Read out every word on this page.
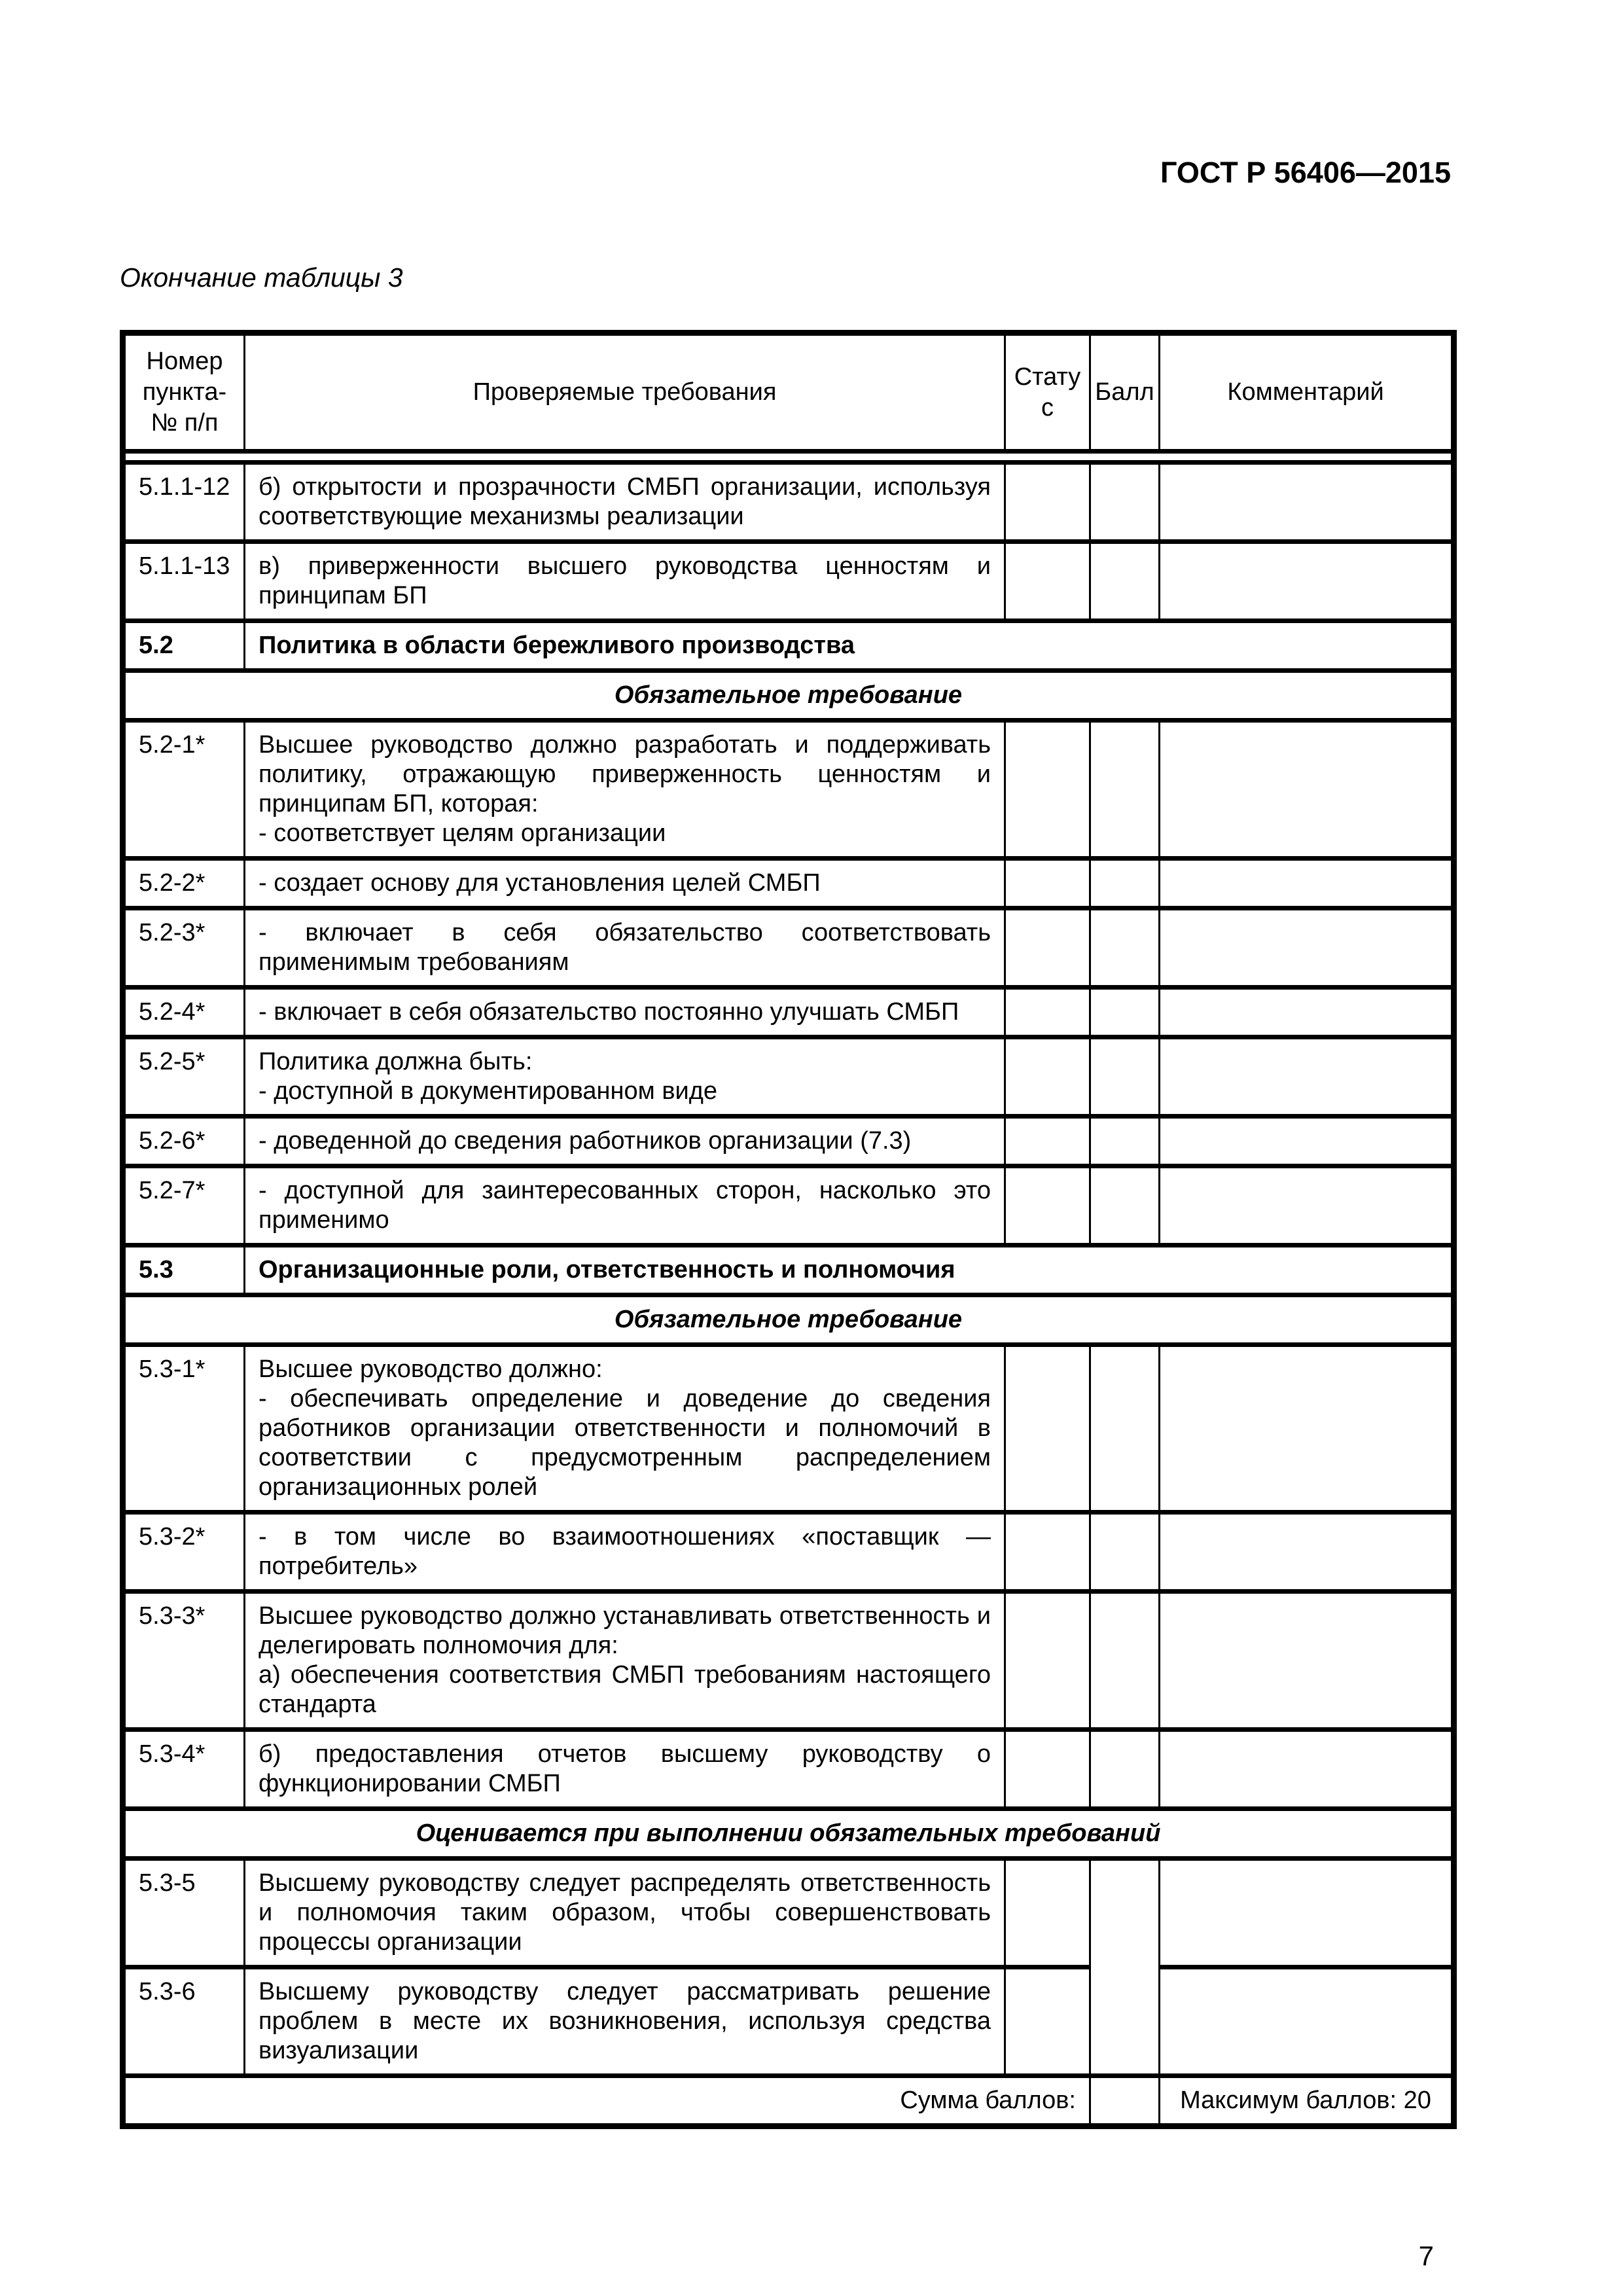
ГОСТ Р 56406—2015
Окончание таблицы 3
Номер пункта- № п/п	Проверяемые требования	Статус	Балл	Комментарий

5.1.1-12	б) открытости и прозрачности СМБП организации, используя соответствующие механизмы реализации			

5.1.1-13	в) приверженности высшего руководства ценностям и принципам БП			

5.2	Политика в области бережливого производства			
Обязательное требование				
5.2-1*	Высшее руководство должно разработать и поддерживать политику, отражающую приверженность ценностям и принципам БП, которая:
- соответствует целям организации			

5.2-2*	- создает основу для установления целей СМБП			

5.2-3*	- включает в себя обязательство соответствовать применимым требованиям			

5.2-4*	- включает в себя обязательство постоянно улучшать СМБП			

5.2-5*	Политика должна быть:
- доступной в документированном виде			

5.2-6*	- доведенной до сведения работников организации (7.3)			

5.2-7*	- доступной для заинтересованных сторон, насколько это применимо			

5.3	Организационные роли, ответственность и полномочия			
Обязательное требование				
5.3-1*	Высшее руководство должно:
- обеспечивать определение и доведение до сведения работников организации ответственности и полномочий в соответствии с предусмотренным распределением организационных ролей			

5.3-2*	- в том числе во взаимоотношениях «поставщик — потребитель»			

5.3-3*	Высшее руководство должно устанавливать ответственность и делегировать полномочия для:
а) обеспечения соответствия СМБП требованиям настоящего стандарта			

5.3-4*	б) предоставления отчетов высшему руководству о функционировании СМБП			

Оценивается при выполнении обязательных требований				
5.3-5	Высшему руководству следует распределять ответственность и полномочия таким образом, чтобы совершенствовать процессы организации			

5.3-6	Высшему руководству следует рассматривать решение проблем в месте их возникновения, используя средства визуализации			

Сумма баллов:				Максимум баллов: 20
7
